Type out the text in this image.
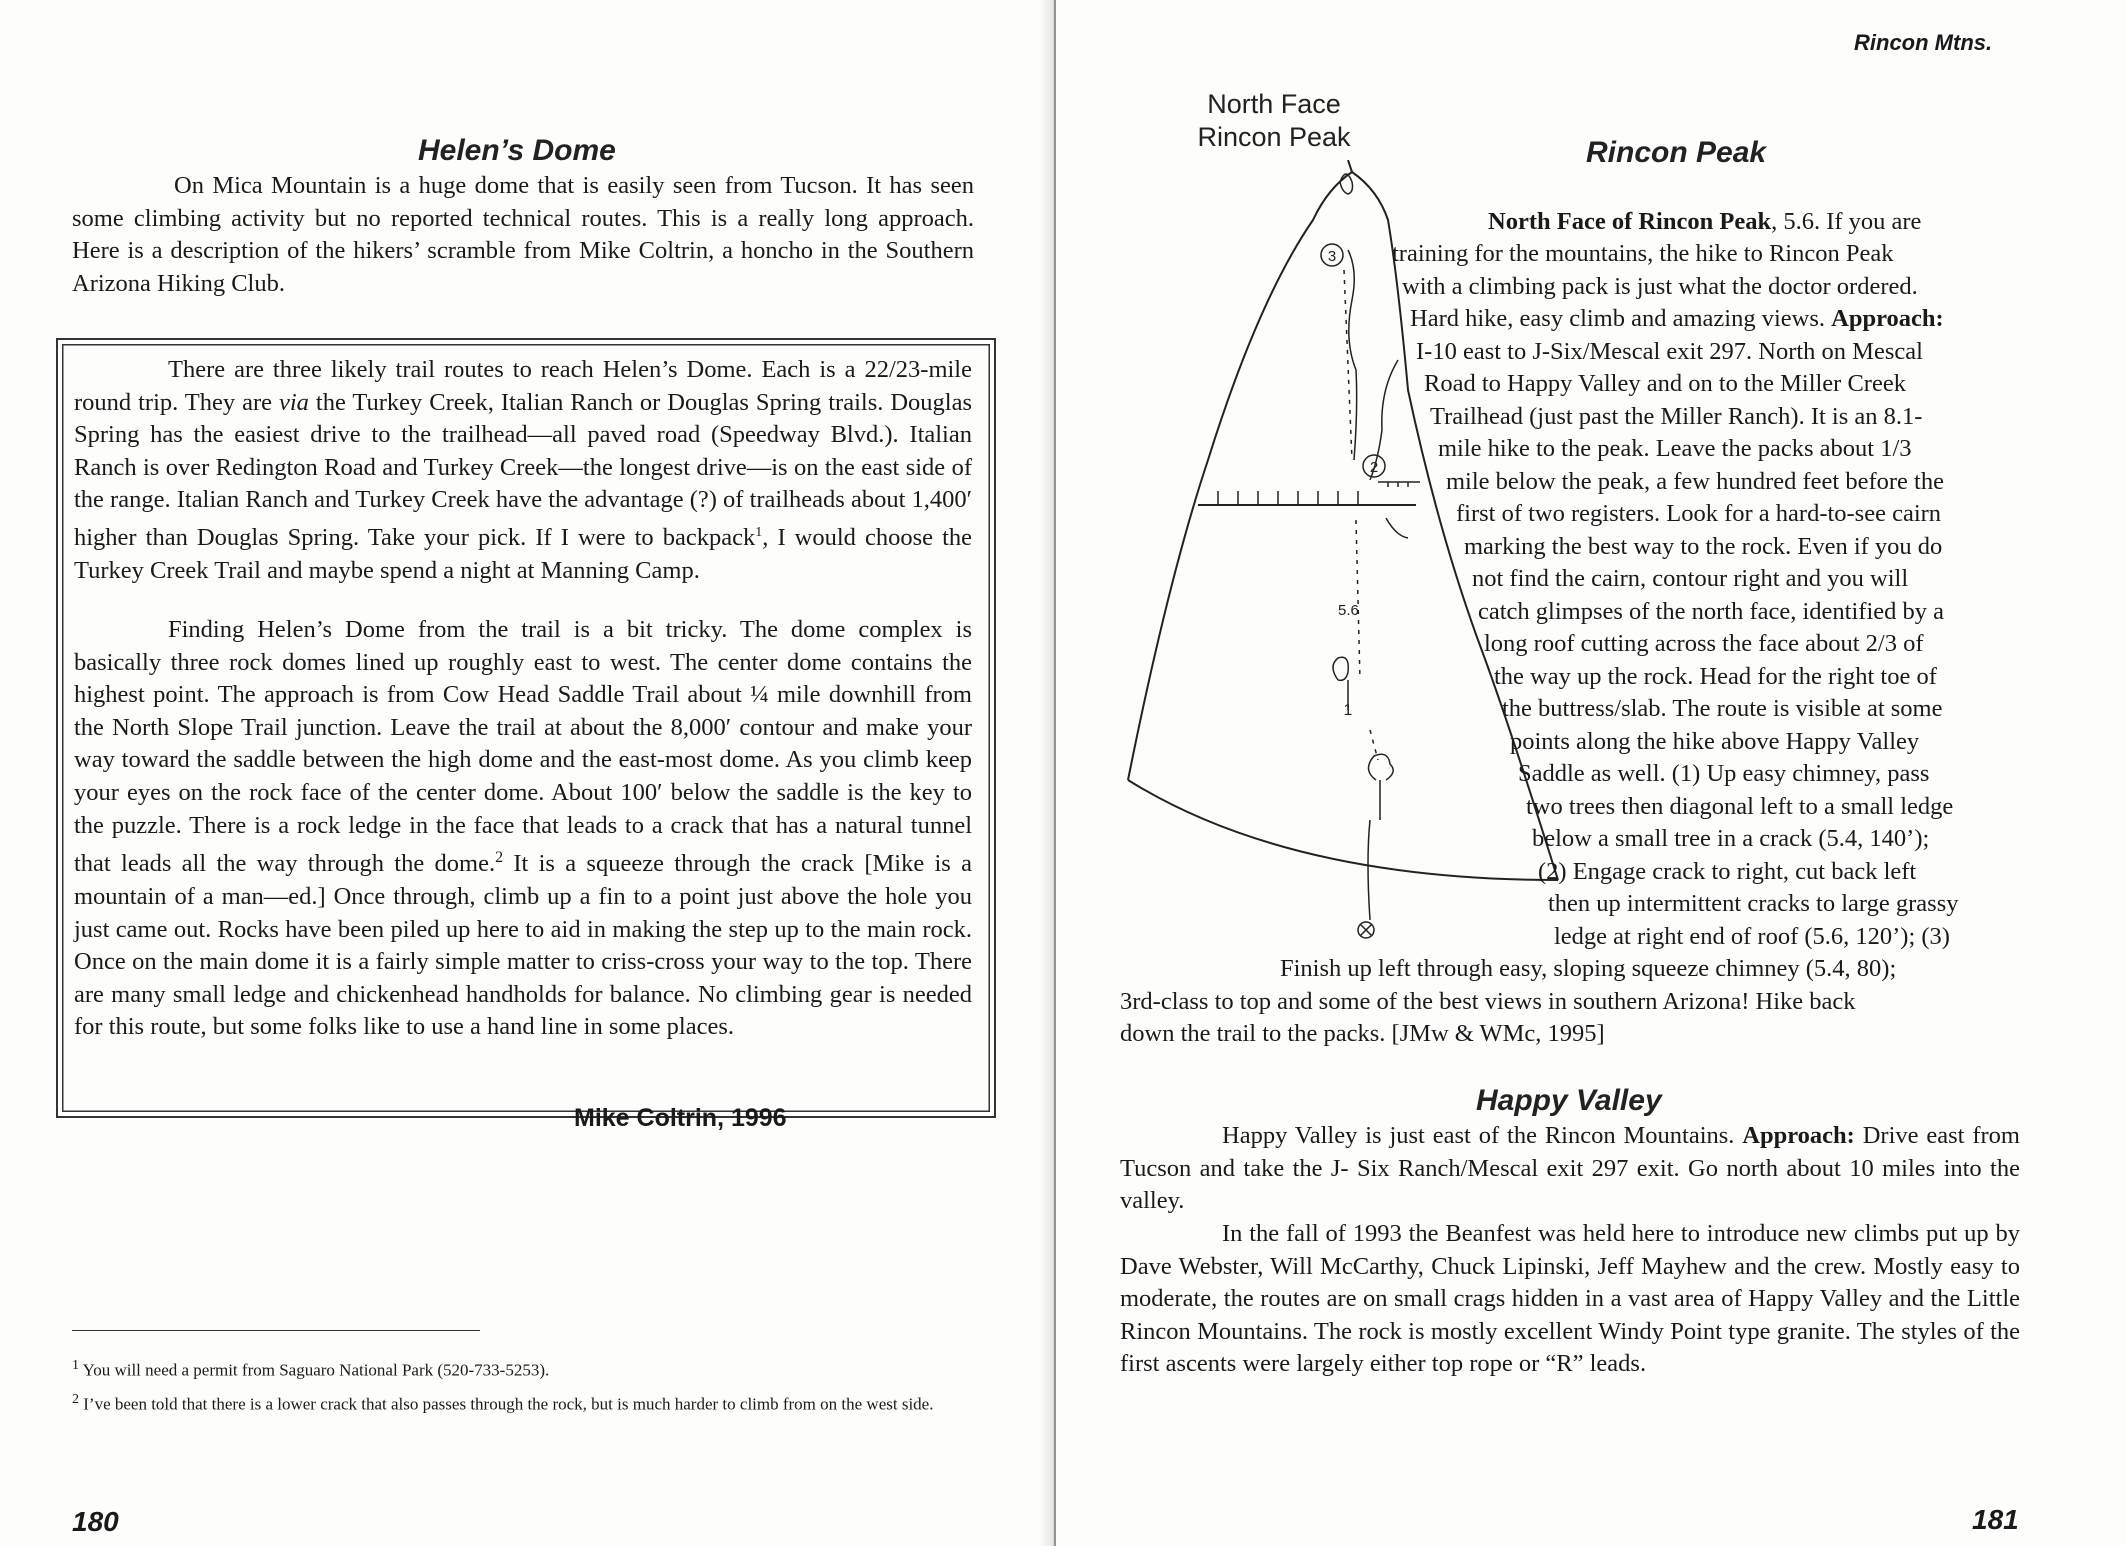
Helen’s Dome

On Mica Mountain is a huge dome that is easily seen from Tucson. It has seen some climbing activity but no reported technical routes. This is a really long approach. Here is a description of the hikers’ scramble from Mike Coltrin, a honcho in the Southern Arizona Hiking Club.

There are three likely trail routes to reach Helen’s Dome. Each is a 22/23-mile round trip. They are via the Turkey Creek, Italian Ranch or Douglas Spring trails. Douglas Spring has the easiest drive to the trailhead—all paved road (Speedway Blvd.). Italian Ranch is over Redington Road and Turkey Creek—the longest drive—is on the east side of the range. Italian Ranch and Turkey Creek have the advantage (?) of trailheads about 1,400′ higher than Douglas Spring. Take your pick. If I were to backpack$^1$, I would choose the Turkey Creek Trail and maybe spend a night at Manning Camp.

Finding Helen’s Dome from the trail is a bit tricky. The dome complex is basically three rock domes lined up roughly east to west. The center dome contains the highest point. The approach is from Cow Head Saddle Trail about ¼ mile downhill from the North Slope Trail junction. Leave the trail at about the 8,000′ contour and make your way toward the saddle between the high dome and the east-most dome. As you climb keep your eyes on the rock face of the center dome. About 100′ below the saddle is the key to the puzzle. There is a rock ledge in the face that leads to a crack that has a natural tunnel that leads all the way through the dome.$^2$ It is a squeeze through the crack [Mike is a mountain of a man—ed.] Once through, climb up a fin to a point just above the hole you just came out. Rocks have been piled up here to aid in making the step up to the main rock. Once on the main dome it is a fairly simple matter to criss-cross your way to the top. There are many small ledge and chickenhead handholds for balance. No climbing gear is needed for this route, but some folks like to use a hand line in some places.

Mike Coltrin, 1996

$^1$ You will need a permit from Saguaro National Park (520-733-5253).

$^2$ I’ve been told that there is a lower crack that also passes through the rock, but is much harder to climb from on the west side.

180

Rincon Mtns.

North Face
Rincon Peak	Rincon Peak
3
2
1
5.6

North Face of Rincon Peak, 5.6. If you are

training for the mountains, the hike to Rincon Peak

with a climbing pack is just what the doctor ordered.

Hard hike, easy climb and amazing views. Approach:

I-10 east to J-Six/Mescal exit 297. North on Mescal

Road to Happy Valley and on to the Miller Creek

Trailhead (just past the Miller Ranch). It is an 8.1-

mile hike to the peak. Leave the packs about 1/3

mile below the peak, a few hundred feet before the

first of two registers. Look for a hard-to-see cairn

marking the best way to the rock. Even if you do

not find the cairn, contour right and you will

catch glimpses of the north face, identified by a

long roof cutting across the face about 2/3 of

the way up the rock. Head for the right toe of

the buttress/slab. The route is visible at some

points along the hike above Happy Valley

Saddle as well. (1) Up easy chimney, pass

two trees then diagonal left to a small ledge

below a small tree in a crack (5.4, 140’);

(2) Engage crack to right, cut back left

then up intermittent cracks to large grassy

ledge at right end of roof (5.6, 120’); (3)

Finish up left through easy, sloping squeeze chimney (5.4, 80);

3rd-class to top and some of the best views in southern Arizona! Hike back

down the trail to the packs. [JMw & WMc, 1995]

Happy Valley

Happy Valley is just east of the Rincon Mountains. Approach: Drive east from Tucson and take the J- Six Ranch/Mescal exit 297 exit. Go north about 10 miles into the valley.

In the fall of 1993 the Beanfest was held here to introduce new climbs put up by Dave Webster, Will McCarthy, Chuck Lipinski, Jeff Mayhew and the crew. Mostly easy to moderate, the routes are on small crags hidden in a vast area of Happy Valley and the Little Rincon Mountains. The rock is mostly excellent Windy Point type granite. The styles of the first ascents were largely either top rope or “R” leads.

181
